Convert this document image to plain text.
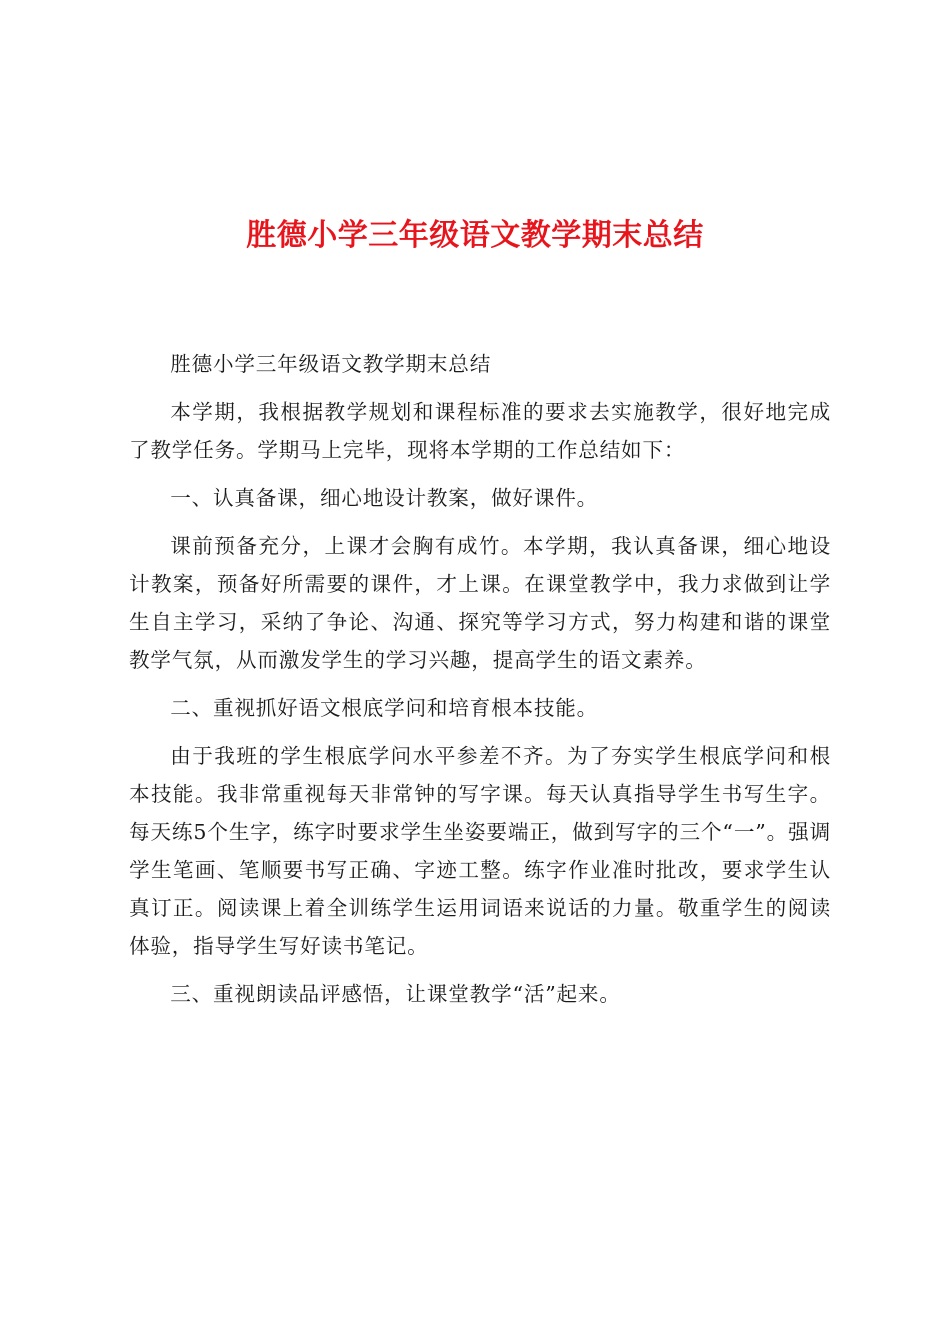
胜德小学三年级语文教学期末总结

胜德小学三年级语文教学期末总结

本学期，我根据教学规划和课程标准的要求去实施教学，很好地完成了教学任务。学期马上完毕，现将本学期的工作总结如下：

一、认真备课，细心地设计教案，做好课件。

课前预备充分，上课才会胸有成竹。本学期，我认真备课，细心地设计教案，预备好所需要的课件，才上课。在课堂教学中，我力求做到让学生自主学习，采纳了争论、沟通、探究等学习方式，努力构建和谐的课堂教学气氛，从而激发学生的学习兴趣，提高学生的语文素养。

二、重视抓好语文根底学问和培育根本技能。

由于我班的学生根底学问水平参差不齐。为了夯实学生根底学问和根本技能。我非常重视每天非常钟的写字课。每天认真指导学生书写生字。每天练5个生字，练字时要求学生坐姿要端正，做到写字的三个“一”。强调学生笔画、笔顺要书写正确、字迹工整。练字作业准时批改，要求学生认真订正。阅读课上着全训练学生运用词语来说话的力量。敬重学生的阅读体验，指导学生写好读书笔记。

三、重视朗读品评感悟，让课堂教学“活”起来。
